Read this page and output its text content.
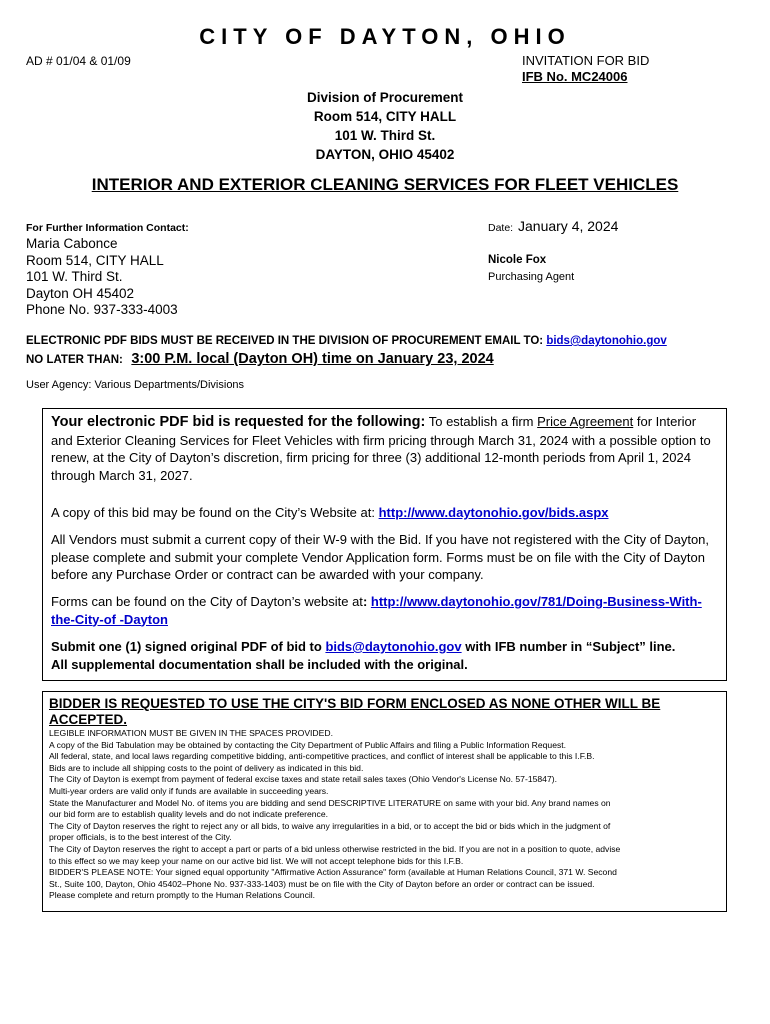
CITY OF DAYTON, OHIO
AD # 01/04 & 01/09	INVITATION FOR BID
IFB No. MC24006
Division of Procurement
Room 514, CITY HALL
101 W. Third St.
DAYTON, OHIO 45402
INTERIOR AND EXTERIOR CLEANING SERVICES FOR FLEET VEHICLES
For Further Information Contact:
Maria Cabonce
Room 514, CITY HALL
101 W. Third St.
Dayton OH 45402
Phone No. 937-333-4003
Date: January 4, 2024
Nicole Fox
Purchasing Agent
ELECTRONIC PDF BIDS MUST BE RECEIVED IN THE DIVISION OF PROCUREMENT EMAIL TO: bids@daytonohio.gov
NO LATER THAN: 3:00 P.M. local (Dayton OH) time on January 23, 2024
User Agency: Various Departments/Divisions

Your electronic PDF bid is requested for the following: To establish a firm Price Agreement for Interior and Exterior Cleaning Services for Fleet Vehicles with firm pricing through March 31, 2024 with a possible option to renew, at the City of Dayton’s discretion, firm pricing for three (3) additional 12-month periods from April 1, 2024 through March 31, 2027.

A copy of this bid may be found on the City’s Website at: http://www.daytonohio.gov/bids.aspx

All Vendors must submit a current copy of their W-9 with the Bid. If you have not registered with the City of Dayton, please complete and submit your complete Vendor Application form. Forms must be on file with the City of Dayton before any Purchase Order or contract can be awarded with your company.

Forms can be found on the City of Dayton’s website at: http://www.daytonohio.gov/781/Doing-Business-With-the-City-of -Dayton

Submit one (1) signed original PDF of bid to bids@daytonohio.gov with IFB number in “Subject” line.
All supplemental documentation shall be included with the original.

BIDDER IS REQUESTED TO USE THE CITY'S BID FORM ENCLOSED AS NONE OTHER WILL BE ACCEPTED.
LEGIBLE INFORMATION MUST BE GIVEN IN THE SPACES PROVIDED.
A copy of the Bid Tabulation may be obtained by contacting the City Department of Public Affairs and filing a Public Information Request.
All federal, state, and local laws regarding competitive bidding, anti-competitive practices, and conflict of interest shall be applicable to this I.F.B.
Bids are to include all shipping costs to the point of delivery as indicated in this bid.
The City of Dayton is exempt from payment of federal excise taxes and state retail sales taxes (Ohio Vendor's License No. 57-15847).
Multi-year orders are valid only if funds are available in succeeding years.
State the Manufacturer and Model No. of items you are bidding and send DESCRIPTIVE LITERATURE on same with your bid. Any brand names on
our bid form are to establish quality levels and do not indicate preference.
The City of Dayton reserves the right to reject any or all bids, to waive any irregularities in a bid, or to accept the bid or bids which in the judgment of
proper officials, is to the best interest of the City.
The City of Dayton reserves the right to accept a part or parts of a bid unless otherwise restricted in the bid. If you are not in a position to quote, advise
to this effect so we may keep your name on our active bid list. We will not accept telephone bids for this I.F.B.
BIDDER'S PLEASE NOTE: Your signed equal opportunity "Affirmative Action Assurance" form (available at Human Relations Council, 371 W. Second
St., Suite 100, Dayton, Ohio 45402–Phone No. 937-333-1403) must be on file with the City of Dayton before an order or contract can be issued.
Please complete and return promptly to the Human Relations Council.
